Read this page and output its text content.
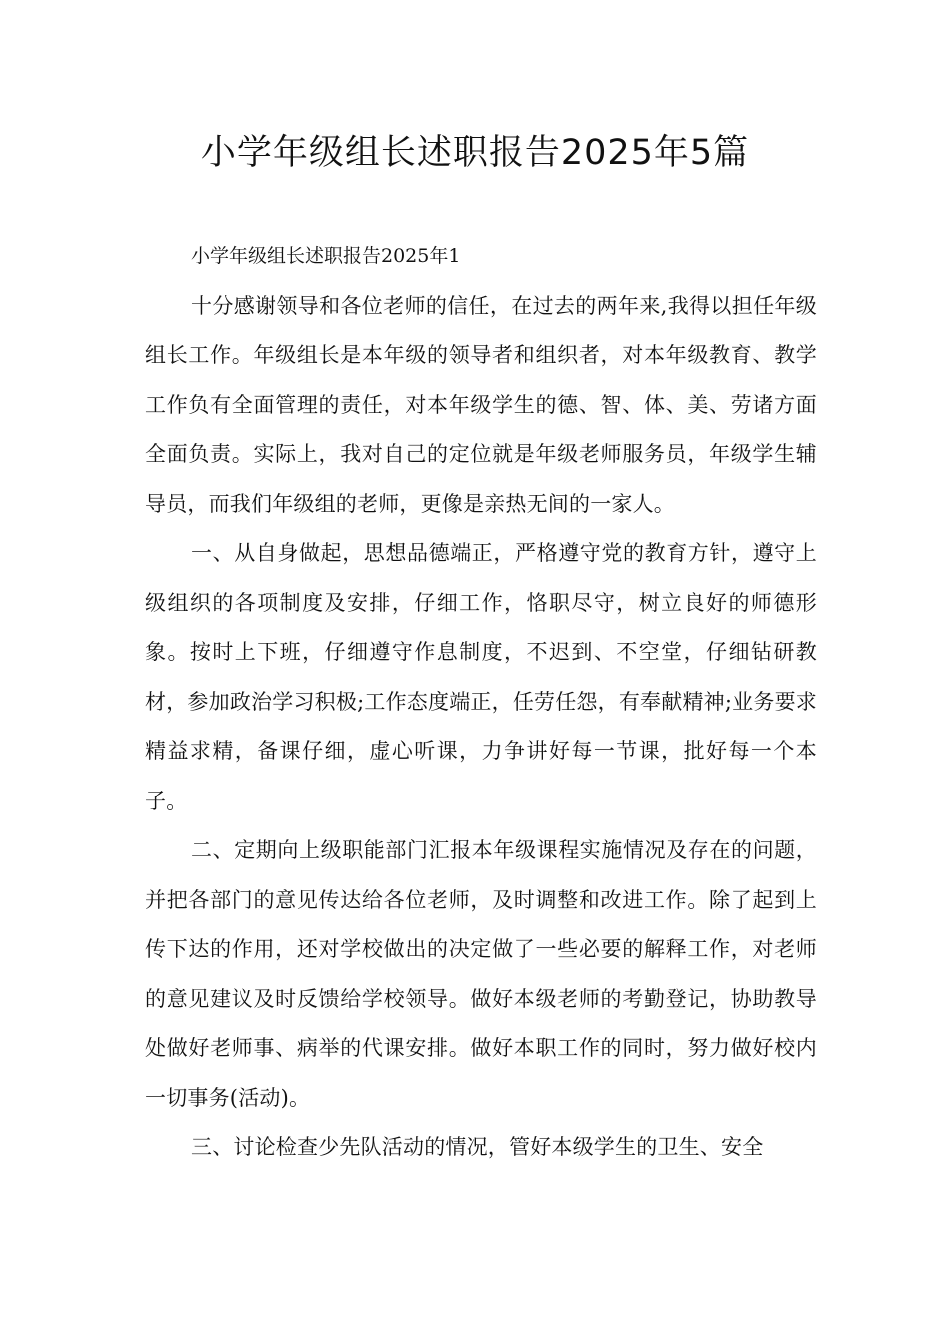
小学年级组长述职报告2025年5篇

小学年级组长述职报告2025年1

十分感谢领导和各位老师的信任，在过去的两年来,我得以担任年级组长工作。年级组长是本年级的领导者和组织者，对本年级教育、教学工作负有全面管理的责任，对本年级学生的德、智、体、美、劳诸方面全面负责。实际上，我对自己的定位就是年级老师服务员，年级学生辅导员，而我们年级组的老师，更像是亲热无间的一家人。

一、从自身做起，思想品德端正，严格遵守党的教育方针，遵守上级组织的各项制度及安排，仔细工作，恪职尽守，树立良好的师德形象。按时上下班，仔细遵守作息制度，不迟到、不空堂，仔细钻研教材，参加政治学习积极;工作态度端正，任劳任怨，有奉献精神;业务要求精益求精，备课仔细，虚心听课，力争讲好每一节课，批好每一个本子。

二、定期向上级职能部门汇报本年级课程实施情况及存在的问题，并把各部门的意见传达给各位老师，及时调整和改进工作。除了起到上传下达的作用，还对学校做出的决定做了一些必要的解释工作，对老师的意见建议及时反馈给学校领导。做好本级老师的考勤登记，协助教导处做好老师事、病举的代课安排。做好本职工作的同时，努力做好校内一切事务(活动)。

三、讨论检查少先队活动的情况，管好本级学生的卫生、安全
